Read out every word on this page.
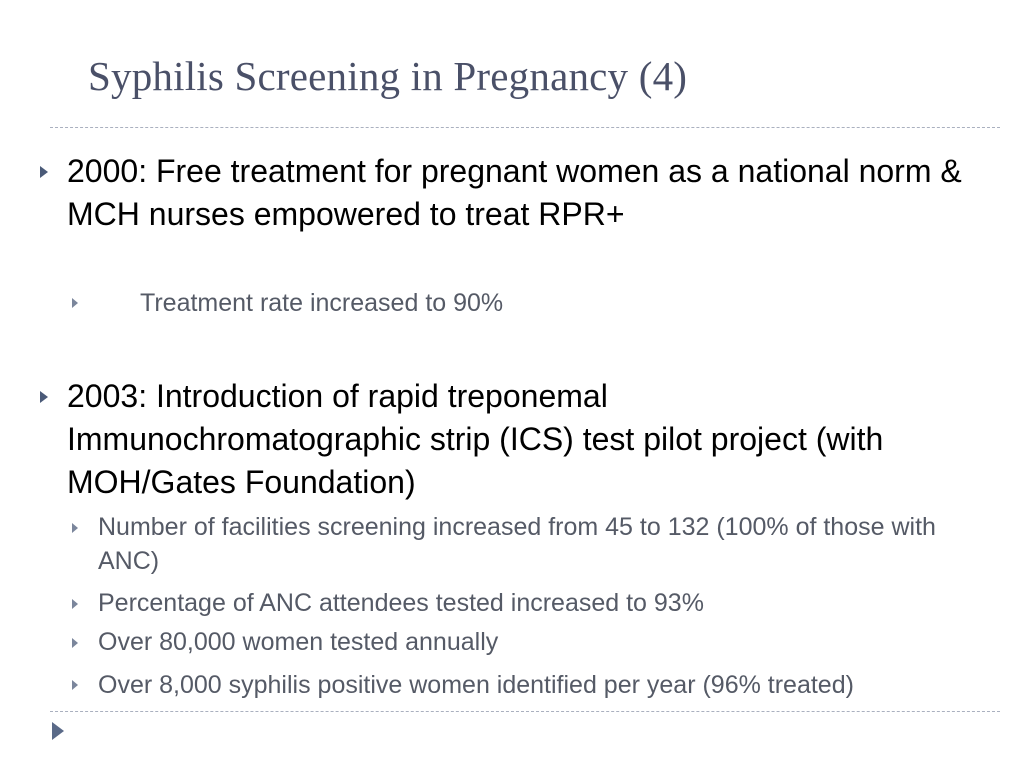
Syphilis Screening in Pregnancy (4)
2000: Free treatment for pregnant women as a national norm & MCH nurses empowered to treat RPR+
Treatment rate increased to 90%
2003: Introduction of rapid treponemal Immunochromatographic strip (ICS) test pilot project (with MOH/Gates Foundation)
Number of facilities screening increased from 45 to 132 (100% of those with ANC)
Percentage of ANC attendees tested increased to 93%
Over 80,000 women tested annually
Over 8,000 syphilis positive women identified per year (96% treated)
